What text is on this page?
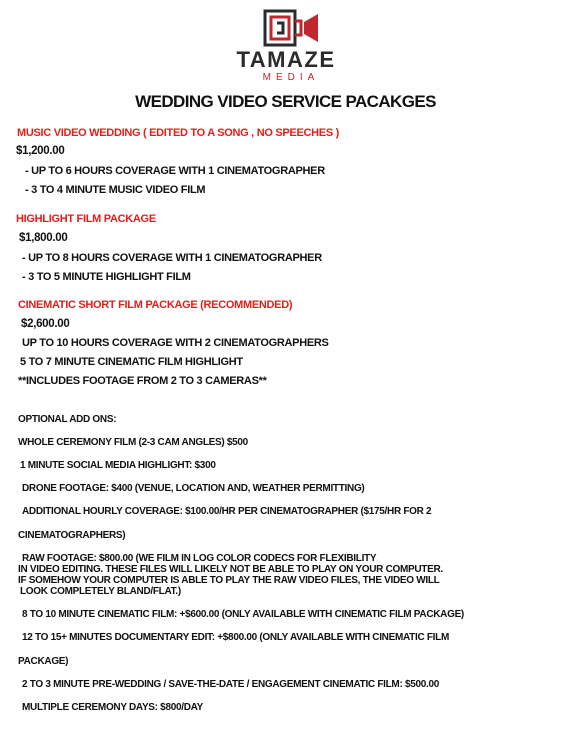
TAMAZE
MEDIA
WEDDING VIDEO SERVICE PACAKGES
MUSIC VIDEO WEDDING ( EDITED TO A SONG , NO SPEECHES )
$1,200.00
- UP TO 6 HOURS COVERAGE WITH 1 CINEMATOGRAPHER
- 3 TO 4 MINUTE MUSIC VIDEO FILM
HIGHLIGHT FILM PACKAGE
$1,800.00
- UP TO 8 HOURS COVERAGE WITH 1 CINEMATOGRAPHER
- 3 TO 5 MINUTE HIGHLIGHT FILM
CINEMATIC SHORT FILM PACKAGE (RECOMMENDED)
$2,600.00
UP TO 10 HOURS COVERAGE WITH 2 CINEMATOGRAPHERS
5 TO 7 MINUTE CINEMATIC FILM HIGHLIGHT
**INCLUDES FOOTAGE FROM 2 TO 3 CAMERAS**
OPTIONAL ADD ONS:
WHOLE CEREMONY FILM (2-3 CAM ANGLES) $500
1 MINUTE SOCIAL MEDIA HIGHLIGHT: $300
DRONE FOOTAGE: $400 (VENUE, LOCATION AND, WEATHER PERMITTING)
ADDITIONAL HOURLY COVERAGE: $100.00/HR PER CINEMATOGRAPHER ($175/HR FOR 2
CINEMATOGRAPHERS)
RAW FOOTAGE: $800.00 (WE FILM IN LOG COLOR CODECS FOR FLEXIBILITY
IN VIDEO EDITING. THESE FILES WILL LIKELY NOT BE ABLE TO PLAY ON YOUR COMPUTER.
IF SOMEHOW YOUR COMPUTER IS ABLE TO PLAY THE RAW VIDEO FILES, THE VIDEO WILL
LOOK COMPLETELY BLAND/FLAT.)
8 TO 10 MINUTE CINEMATIC FILM: +$600.00 (ONLY AVAILABLE WITH CINEMATIC FILM PACKAGE)
12 TO 15+ MINUTES DOCUMENTARY EDIT: +$800.00 (ONLY AVAILABLE WITH CINEMATIC FILM
PACKAGE)
2 TO 3 MINUTE PRE-WEDDING / SAVE-THE-DATE / ENGAGEMENT CINEMATIC FILM: $500.00
MULTIPLE CEREMONY DAYS: $800/DAY
